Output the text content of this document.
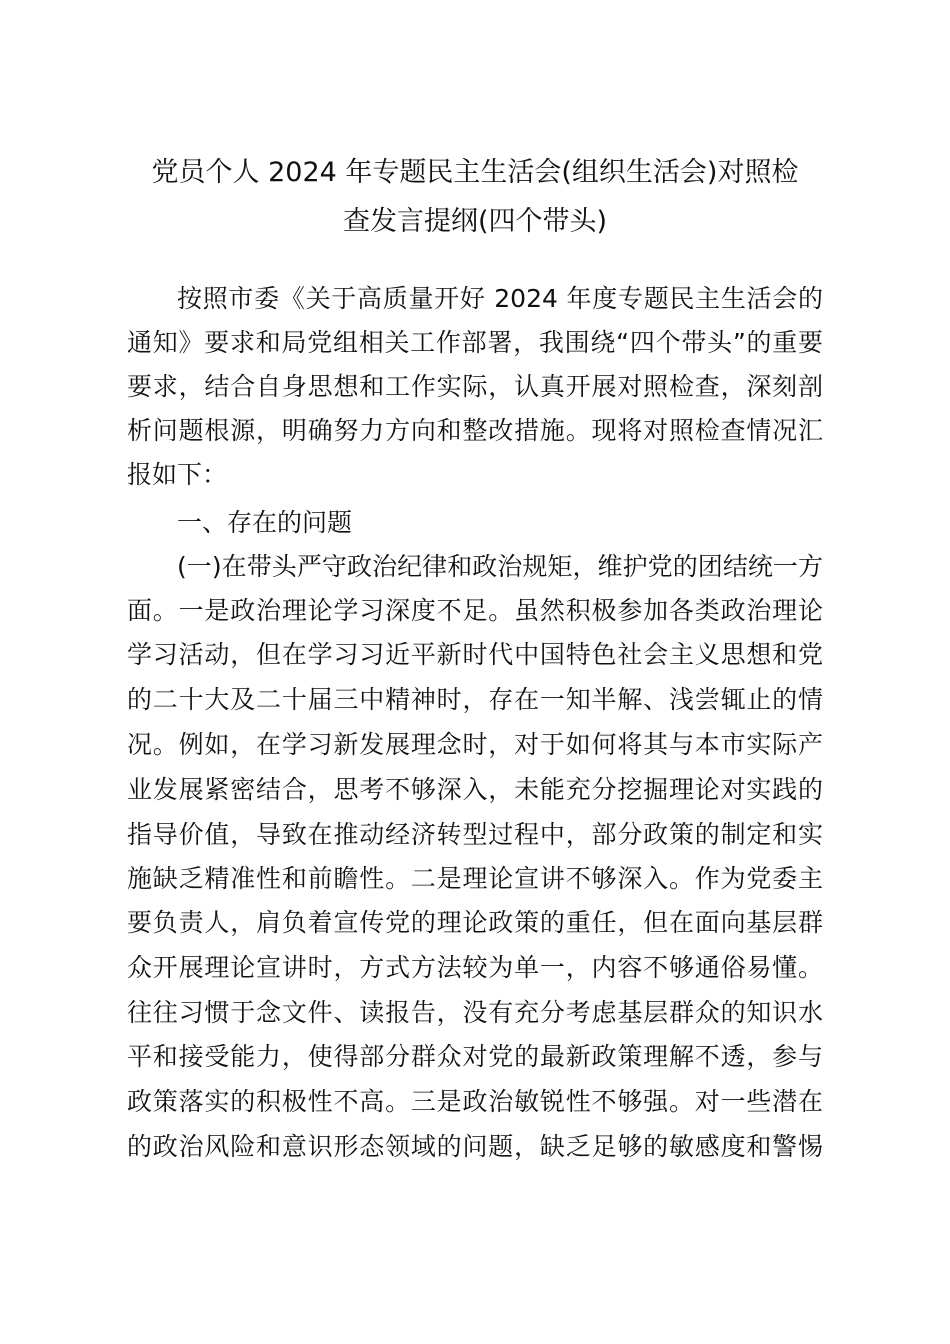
党员个人 2024 年专题民主生活会(组织生活会)对照检
查发言提纲(四个带头)

按照市委《关于高质量开好 2024 年度专题民主生活会的

通知》要求和局党组相关工作部署，我围绕“四个带头”的重要

要求，结合自身思想和工作实际，认真开展对照检查，深刻剖

析问题根源，明确努力方向和整改措施。现将对照检查情况汇

报如下：

一、存在的问题

(一)在带头严守政治纪律和政治规矩，维护党的团结统一方

面。一是政治理论学习深度不足。虽然积极参加各类政治理论

学习活动，但在学习习近平新时代中国特色社会主义思想和党

的二十大及二十届三中精神时，存在一知半解、浅尝辄止的情

况。例如，在学习新发展理念时，对于如何将其与本市实际产

业发展紧密结合，思考不够深入，未能充分挖掘理论对实践的

指导价值，导致在推动经济转型过程中，部分政策的制定和实

施缺乏精准性和前瞻性。二是理论宣讲不够深入。作为党委主

要负责人，肩负着宣传党的理论政策的重任，但在面向基层群

众开展理论宣讲时，方式方法较为单一，内容不够通俗易懂。

往往习惯于念文件、读报告，没有充分考虑基层群众的知识水

平和接受能力，使得部分群众对党的最新政策理解不透，参与

政策落实的积极性不高。三是政治敏锐性不够强。对一些潜在

的政治风险和意识形态领域的问题，缺乏足够的敏感度和警惕
